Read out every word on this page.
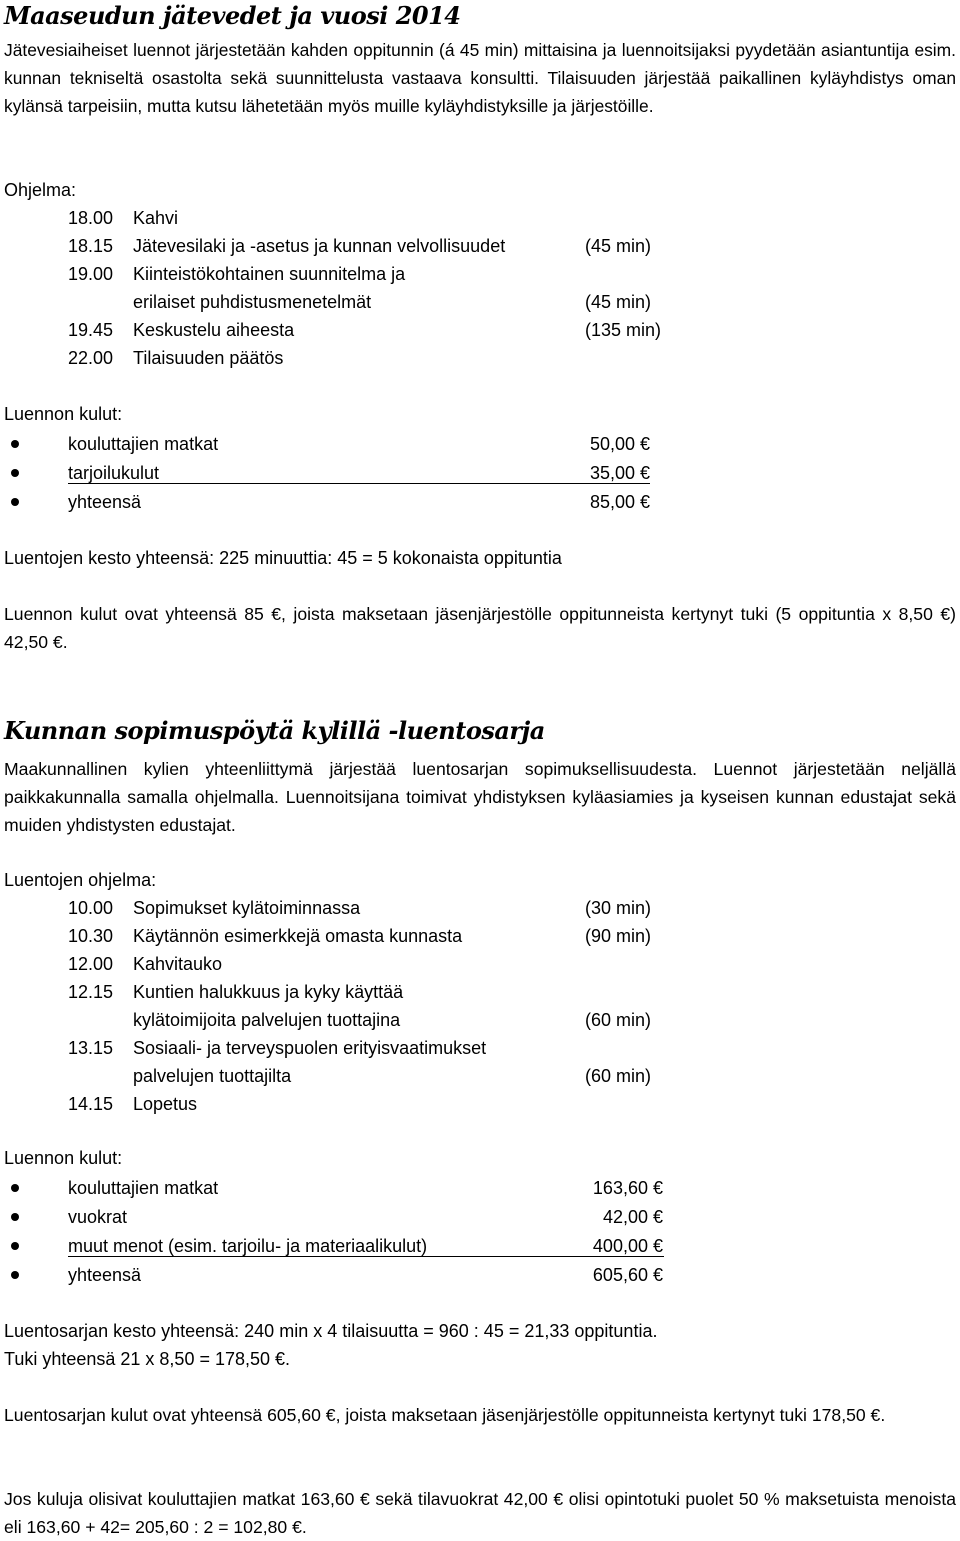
Maaseudun jätevedet ja vuosi 2014

Jätevesiaiheiset luennot järjestetään kahden oppitunnin (á 45 min) mittaisina ja luennoitsijaksi pyydetään asiantuntija esim. kunnan tekniseltä osastolta sekä suunnittelusta vastaava konsultti. Tilaisuuden järjestää paikallinen kyläyhdistys oman kylänsä tarpeisiin, mutta kutsu lähetetään myös muille kyläyhdistyksille ja järjestöille.

Ohjelma:
18.00 Kahvi
18.15 Jätevesilaki ja -asetus ja kunnan velvollisuudet	(45 min)
19.00 Kiinteistökohtainen suunnitelma ja
erilaiset puhdistusmenetelmät	(45 min)
19.45 Keskustelu aiheesta	(135 min)
22.00 Tilaisuuden päätös
Luennon kulut:
kouluttajien matkat	50,00 €
tarjoilukulut	35,00 €
yhteensä	85,00 €
Luentojen kesto yhteensä: 225 minuuttia: 45 = 5 kokonaista oppituntia

Luennon kulut ovat yhteensä 85 €, joista maksetaan jäsenjärjestölle oppitunneista kertynyt tuki (5 oppituntia x 8,50 €) 42,50 €.

Kunnan sopimuspöytä kylillä -luentosarja

Maakunnallinen kylien yhteenliittymä järjestää luentosarjan sopimuksellisuudesta. Luennot järjestetään neljällä paikkakunnalla samalla ohjelmalla. Luennoitsijana toimivat yhdistyksen kyläasiamies ja kyseisen kunnan edustajat sekä muiden yhdistysten edustajat.

Luentojen ohjelma:
10.00 Sopimukset kylätoiminnassa	(30 min)
10.30 Käytännön esimerkkejä omasta kunnasta	(90 min)
12.00 Kahvitauko
12.15 Kuntien halukkuus ja kyky käyttää
kylätoimijoita palvelujen tuottajina	(60 min)
13.15 Sosiaali- ja terveyspuolen erityisvaatimukset
palvelujen tuottajilta	(60 min)
14.15 Lopetus
Luennon kulut:
kouluttajien matkat	163,60 €
vuokrat	42,00 €
muut menot (esim. tarjoilu- ja materiaalikulut)	400,00 €
yhteensä	605,60 €
Luentosarjan kesto yhteensä: 240 min x 4 tilaisuutta = 960 : 45 = 21,33 oppituntia.
Tuki yhteensä 21 x 8,50 = 178,50 €.

Luentosarjan kulut ovat yhteensä 605,60 €, joista maksetaan jäsenjärjestölle oppitunneista kertynyt tuki 178,50 €.

Jos kuluja olisivat kouluttajien matkat 163,60 € sekä tilavuokrat 42,00 € olisi opintotuki puolet 50 % maksetuista menoista eli 163,60 + 42= 205,60 : 2 = 102,80 €.
